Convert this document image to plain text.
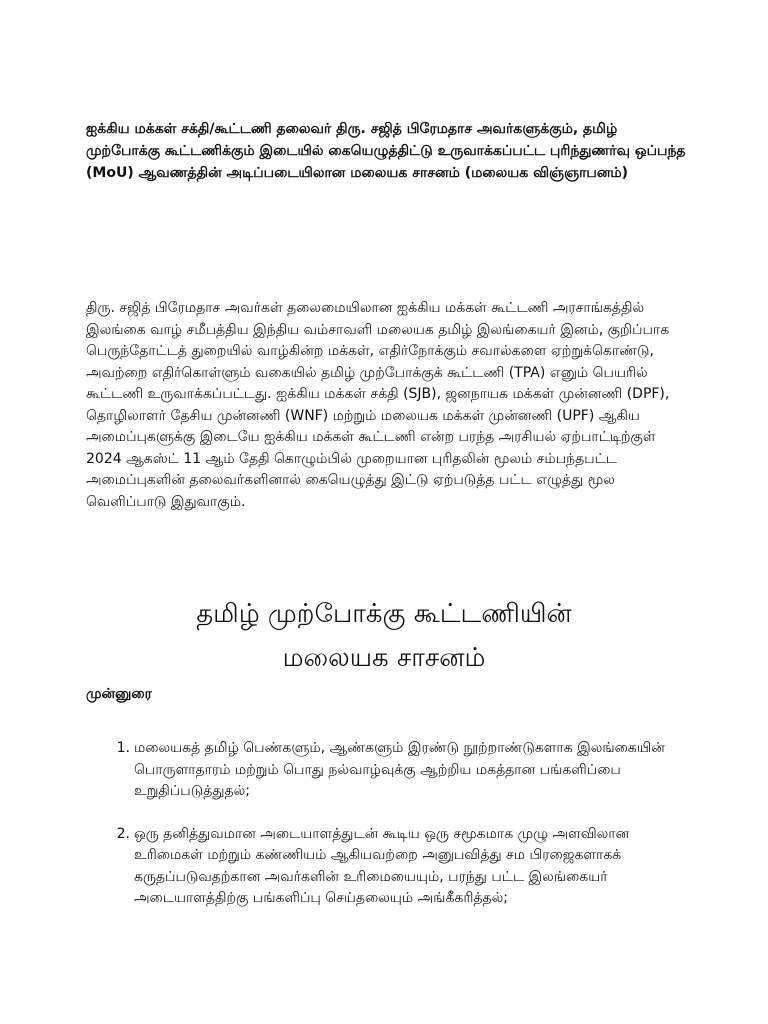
ஐக்கிய மக்கள் சக்தி/கூட்டணி தலைவர் திரு. சஜித் பிரேமதாச அவர்களுக்கும், தமிழ் முற்போக்கு கூட்டணிக்கும் இடையில் கையெழுத்திட்டு உருவாக்கப்பட்ட புரிந்துணர்வு ஒப்பந்த (MoU) ஆவணத்தின் அடிப்படையிலான மலையக சாசனம் (மலையக விஞ்ஞாபனம்)

திரு. சஜித் பிரேமதாச அவர்கள் தலைமையிலான ஐக்கிய மக்கள் கூட்டணி அரசாங்கத்தில் இலங்கை வாழ் சமீபத்திய இந்திய வம்சாவளி மலையக தமிழ் இலங்கையர் இனம், குறிப்பாக பெருந்தோட்டத் துறையில் வாழ்கின்ற மக்கள், எதிர்நோக்கும் சவால்களை ஏற்றுக்கொண்டு, அவற்றை எதிர்கொள்ளும் வகையில் தமிழ் முற்போக்குக் கூட்டணி (TPA) எனும் பெயரில் கூட்டணி உருவாக்கப்பட்டது. ஐக்கிய மக்கள் சக்தி (SJB), ஜனநாயக மக்கள் முன்னணி (DPF), தொழிலாளர் தேசிய முன்னணி (WNF) மற்றும் மலையக மக்கள் முன்னணி (UPF) ஆகிய அமைப்புகளுக்கு இடையே ஐக்கிய மக்கள் கூட்டணி என்ற பரந்த அரசியல் ஏற்பாட்டிற்குள் 2024 ஆகஸ்ட் 11 ஆம் தேதி கொழும்பில் முறையான புரிதலின் மூலம் சம்பந்தபட்ட அமைப்புகளின் தலைவர்களினால் கையெழுத்து இட்டு ஏற்படுத்த பட்ட எழுத்து மூல வெளிப்பாடு இதுவாகும்.

தமிழ் முற்போக்கு கூட்டணியின்
மலையக சாசனம்

முன்னுரை

1. மலையகத் தமிழ் பெண்களும், ஆண்களும் இரண்டு நூற்றாண்டுகளாக இலங்கையின் பொருளாதாரம் மற்றும் பொது நல்வாழ்வுக்கு ஆற்றிய மகத்தான பங்களிப்பை உறுதிப்படுத்துதல்;
2. ஒரு தனித்துவமான அடையாளத்துடன் கூடிய ஒரு சமூகமாக முழு அளவிலான உரிமைகள் மற்றும் கண்ணியம் ஆகியவற்றை அனுபவித்து சம பிரஜைகளாகக் கருதப்படுவதற்கான அவர்களின் உரிமையையும், பரந்து பட்ட இலங்கையர் அடையாளத்திற்கு பங்களிப்பு செய்தலையும் அங்கீகரித்தல்;
